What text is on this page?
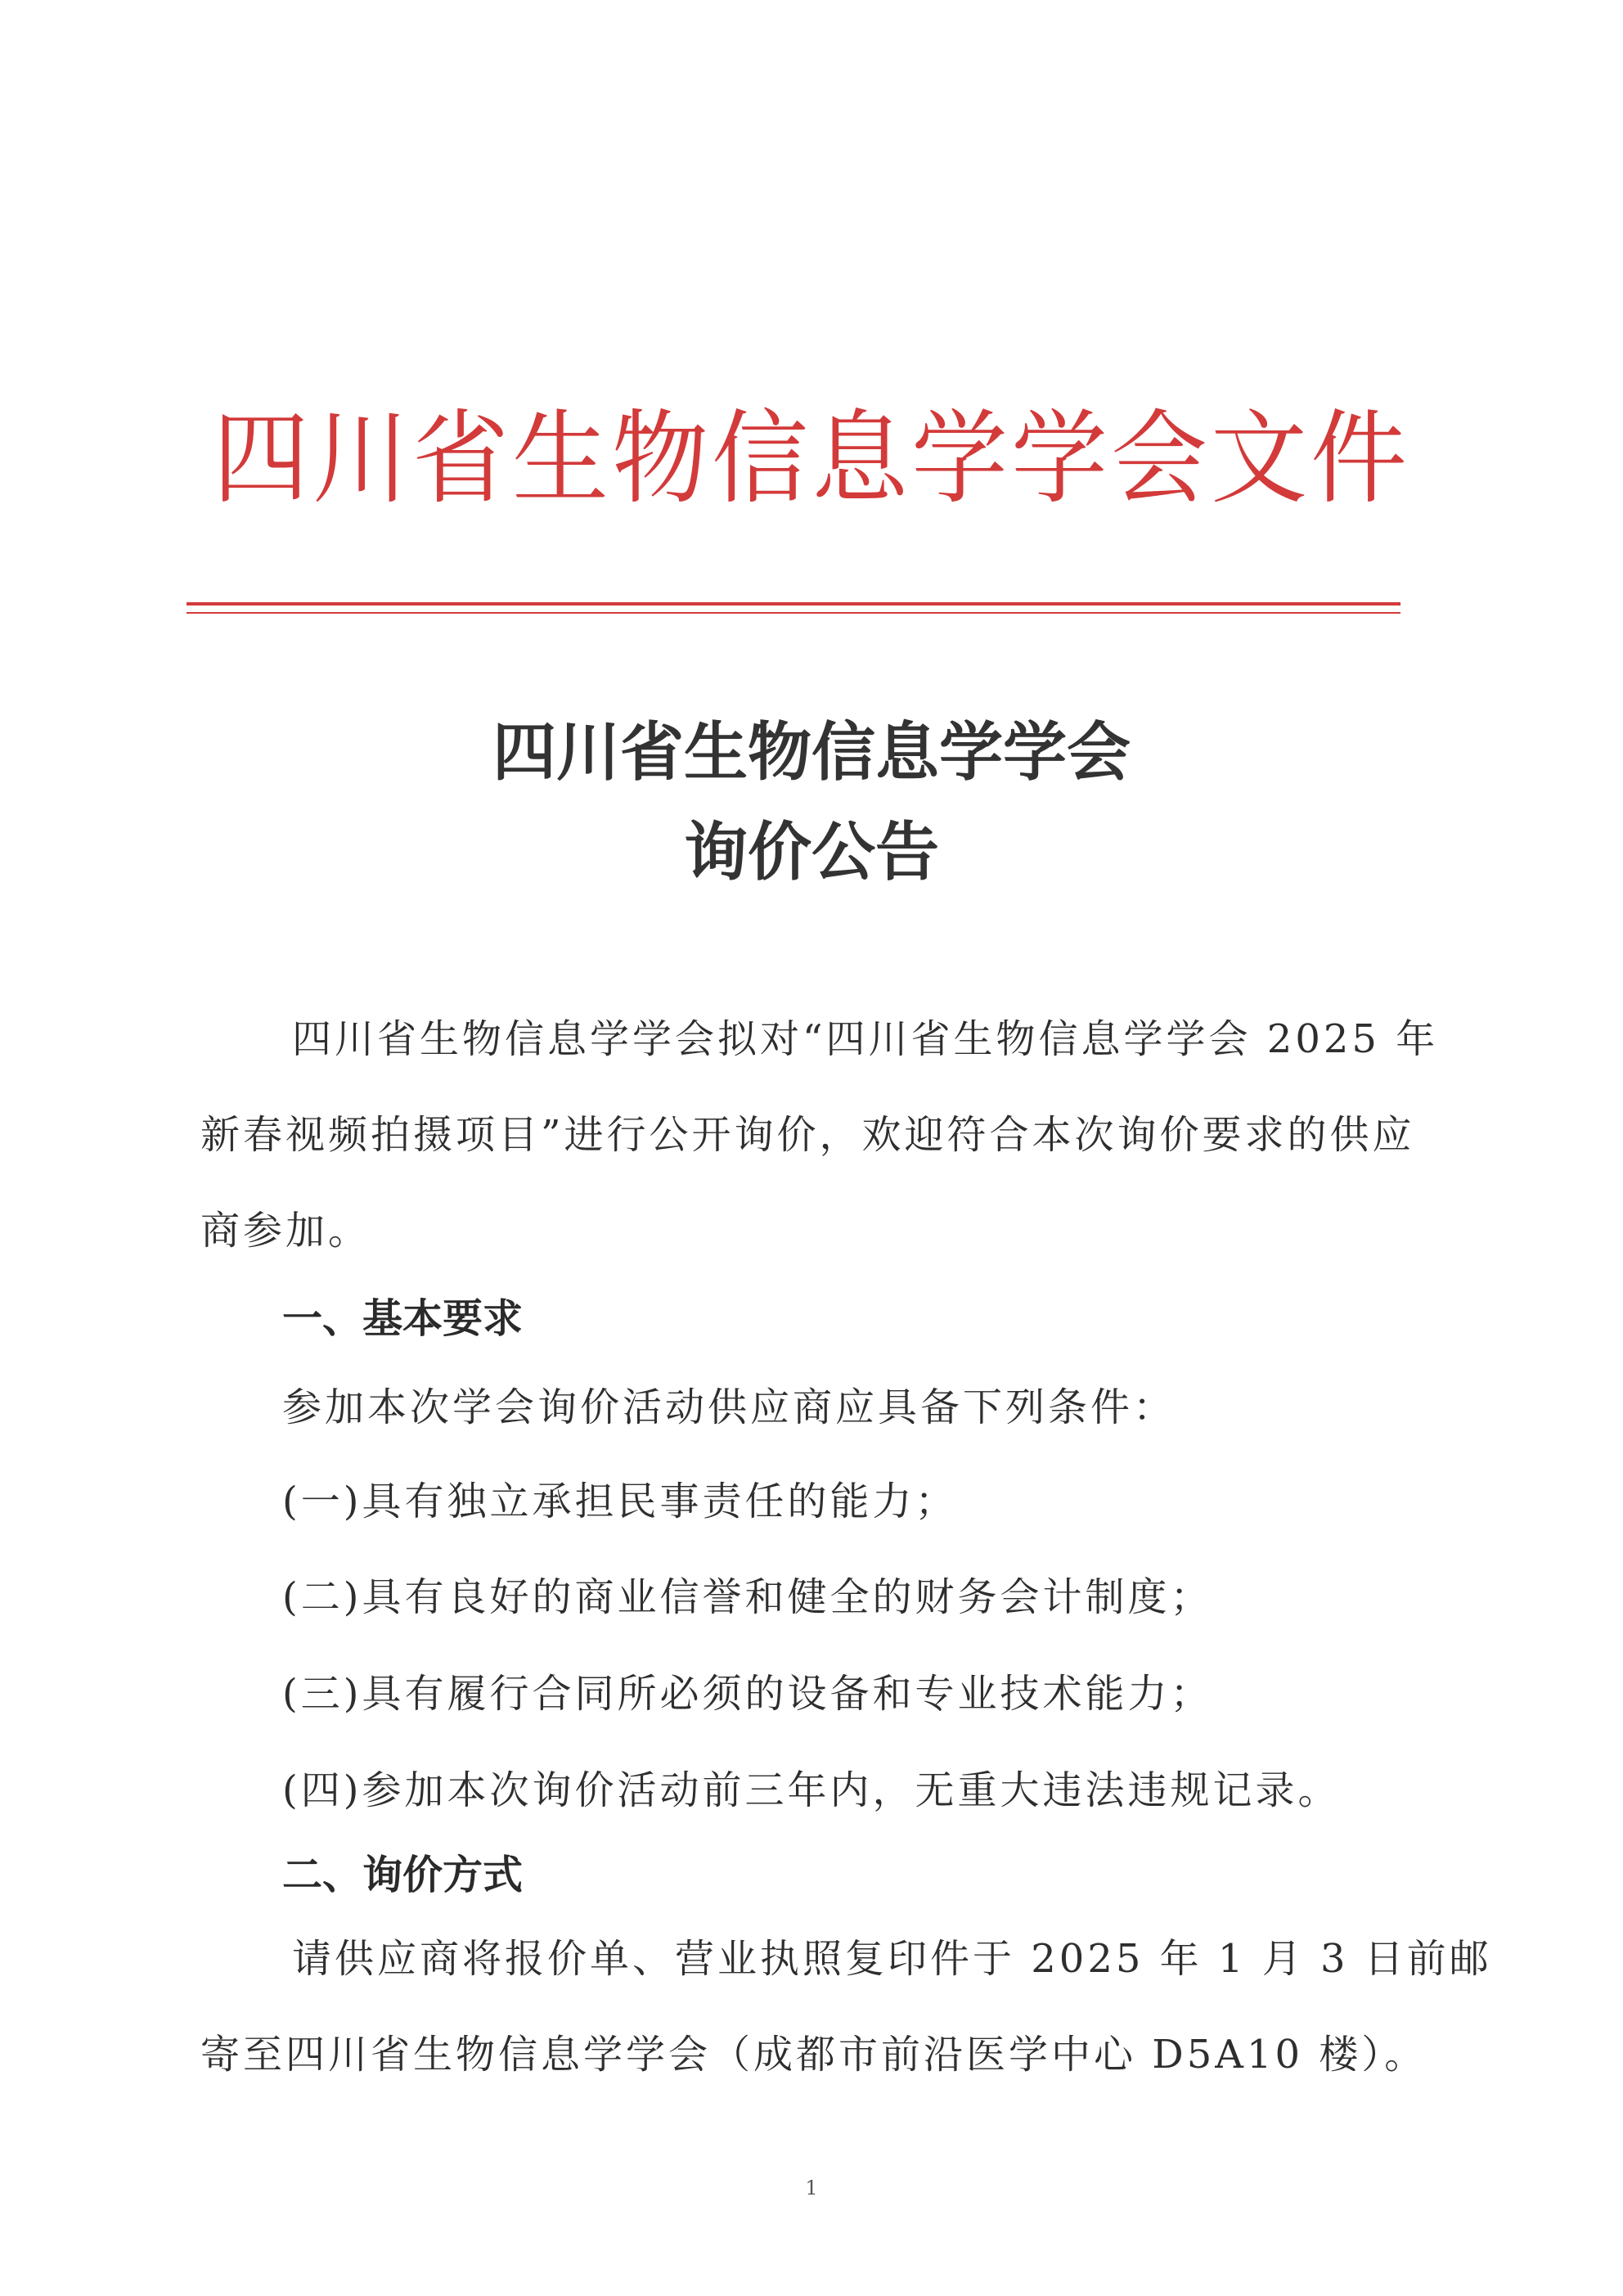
四川省生物信息学学会文件
四川省生物信息学学会
询价公告
四川省生物信息学学会拟对“四川省生物信息学学会 2025 年
新春视频拍摄项目”进行公开询价，欢迎符合本次询价要求的供应
商参加。
一、基本要求
参加本次学会询价活动供应商应具备下列条件：
(一)具有独立承担民事责任的能力；
(二)具有良好的商业信誉和健全的财务会计制度；
(三)具有履行合同所必须的设备和专业技术能力；
(四)参加本次询价活动前三年内，无重大违法违规记录。
二、询价方式
请供应商将报价单、营业执照复印件于 2025 年 1 月 3 日前邮
寄至四川省生物信息学学会（成都市前沿医学中心 D5A10 楼）。
1
